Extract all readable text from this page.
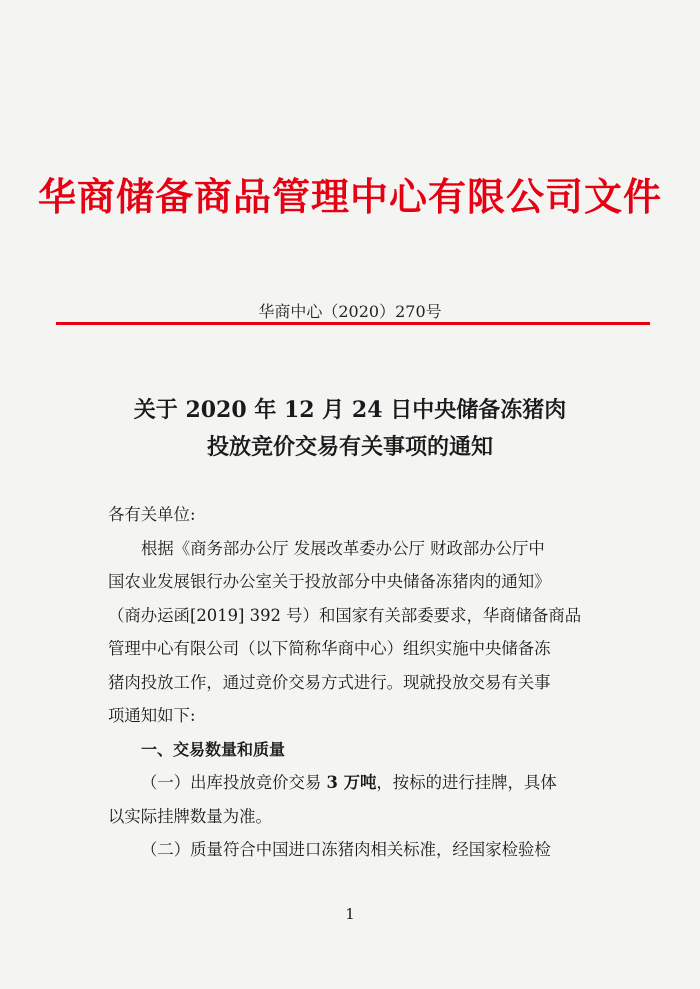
华商储备商品管理中心有限公司文件
华商中心（2020）270号
关于 2020 年 12 月 24 日中央储备冻猪肉
投放竞价交易有关事项的通知
各有关单位:
根据《商务部办公厅 发展改革委办公厅 财政部办公厅中
国农业发展银行办公室关于投放部分中央储备冻猪肉的通知》
（商办运函[2019] 392 号）和国家有关部委要求，华商储备商品
管理中心有限公司（以下简称华商中心）组织实施中央储备冻
猪肉投放工作，通过竞价交易方式进行。现就投放交易有关事
项通知如下:
一、交易数量和质量
（一）出库投放竞价交易 3 万吨，按标的进行挂牌，具体
以实际挂牌数量为准。
（二）质量符合中国进口冻猪肉相关标准，经国家检验检
1
